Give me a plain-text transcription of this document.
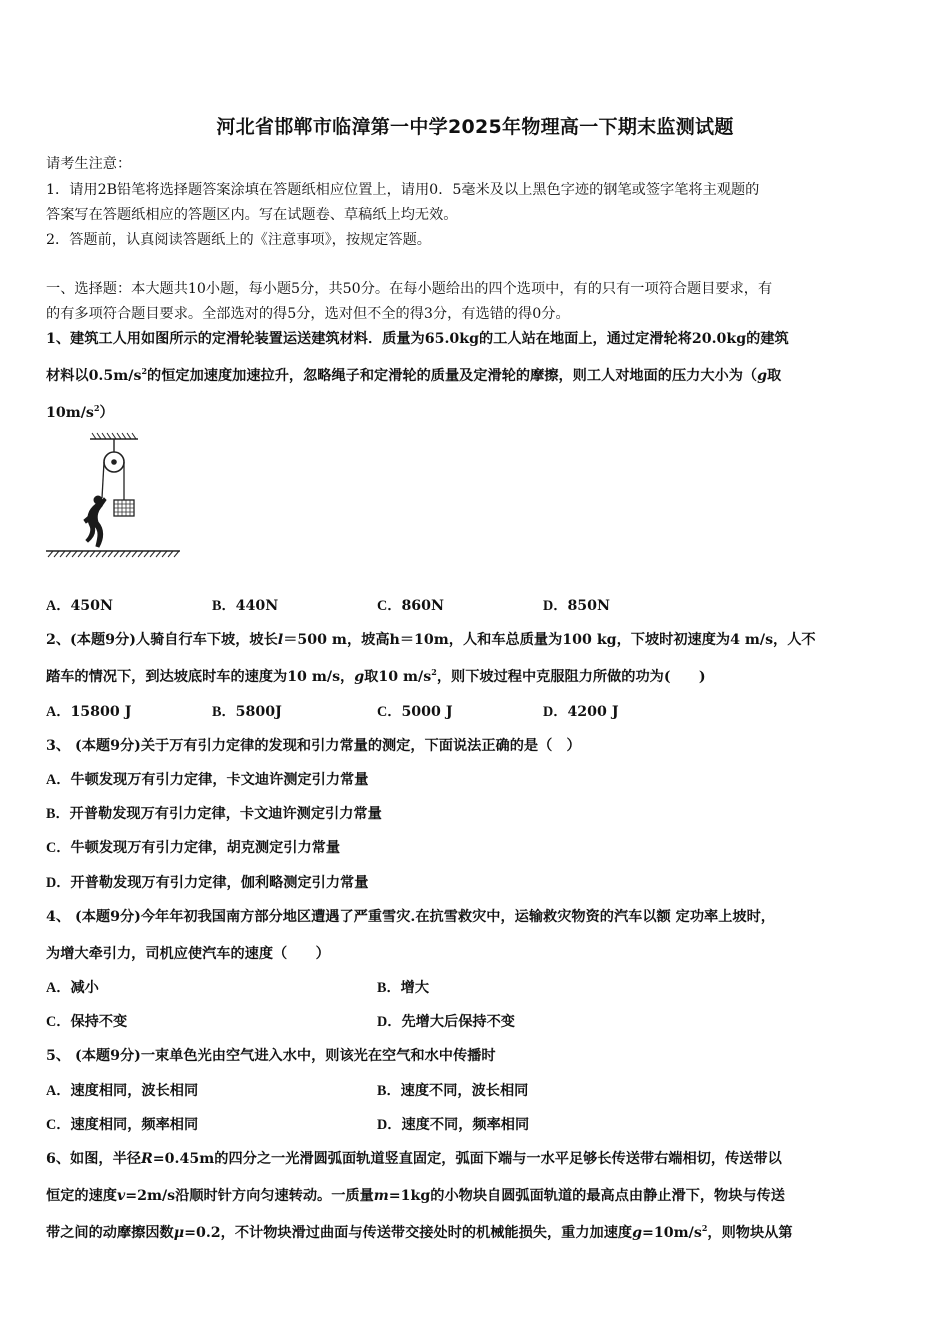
河北省邯郸市临漳第一中学2025年物理高一下期末监测试题
请考生注意：
1．请用2B铅笔将选择题答案涂填在答题纸相应位置上，请用0．5毫米及以上黑色字迹的钢笔或签字笔将主观题的
答案写在答题纸相应的答题区内。写在试题卷、草稿纸上均无效。
2．答题前，认真阅读答题纸上的《注意事项》，按规定答题。
一、选择题：本大题共10小题，每小题5分，共50分。在每小题给出的四个选项中，有的只有一项符合题目要求，有
的有多项符合题目要求。全部选对的得5分，选对但不全的得3分，有选错的得0分。
1、建筑工人用如图所示的定滑轮装置运送建筑材料．质量为65.0kg的工人站在地面上，通过定滑轮将20.0kg的建筑
材料以$0.5m/s^2$的恒定加速度加速拉升，忽略绳子和定滑轮的质量及定滑轮的摩擦，则工人对地面的压力大小为（g取
$10m/s^2$）
A．450N	B．440N	C．860N	D．850N
2、(本题9分)人骑自行车下坡，坡长l＝500 m，坡高h＝10m，人和车总质量为100 kg，下坡时初速度为4 m/s，人不
踏车的情况下，到达坡底时车的速度为10 m/s，g取10 $m/s^2$，则下坡过程中克服阻力所做的功为(　　)
A．15800 J	B．5800J	C．5000 J	D．4200 J
3、 (本题9分)关于万有引力定律的发现和引力常量的测定，下面说法正确的是（　）
A．牛顿发现万有引力定律，卡文迪许测定引力常量
B．开普勒发现万有引力定律，卡文迪许测定引力常量
C．牛顿发现万有引力定律，胡克测定引力常量
D．开普勒发现万有引力定律，伽利略测定引力常量
4、 (本题9分)今年年初我国南方部分地区遭遇了严重雪灾.在抗雪救灾中，运输救灾物资的汽车以额 定功率上坡时，
为增大牵引力，司机应使汽车的速度（　　）
A．减小	B．增大
C．保持不变	D．先增大后保持不变
5、 (本题9分)一束单色光由空气进入水中，则该光在空气和水中传播时
A．速度相同，波长相同	B．速度不同，波长相同
C．速度相同，频率相同	D．速度不同，频率相同
6、如图，半径R=0.45m的四分之一光滑圆弧面轨道竖直固定，弧面下端与一水平足够长传送带右端相切，传送带以
恒定的速度v=2m/s沿顺时针方向匀速转动。一质量m=1kg的小物块自圆弧面轨道的最高点由静止滑下，物块与传送
带之间的动摩擦因数μ=0.2，不计物块滑过曲面与传送带交接处时的机械能损失，重力加速度$g=10m/s^2$，则物块从第
